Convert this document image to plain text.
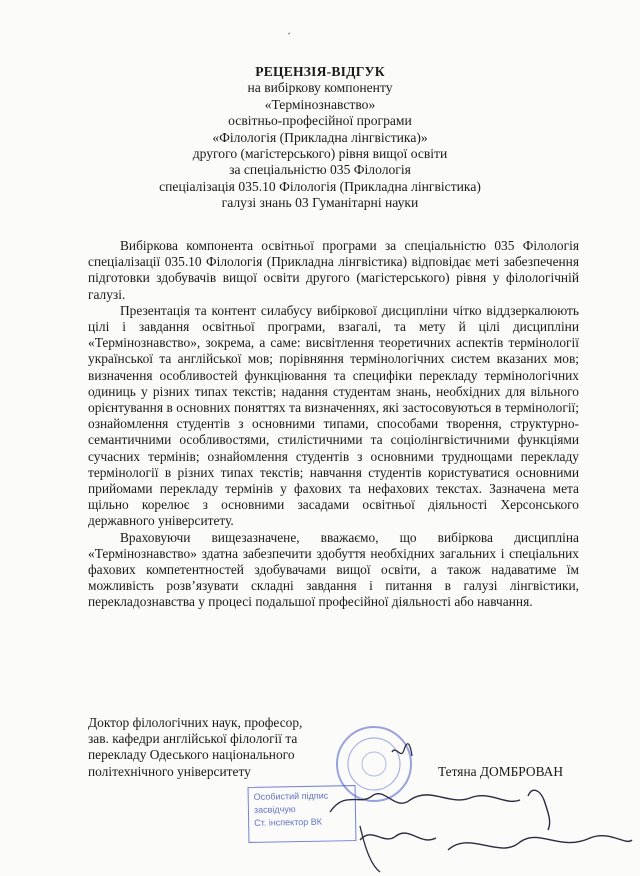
´
РЕЦЕНЗІЯ-ВІДГУК
на вибіркову компоненту
«Термінознавство»
освітньо-професійної програми
«Філологія (Прикладна лінгвістика)»
другого (магістерського) рівня вищої освіти
за спеціальністю 035 Філологія
спеціалізація 035.10 Філологія (Прикладна лінгвістика)
галузі знань 03 Гуманітарні науки

Вибіркова компонента освітньої програми за спеціальністю 035 Філологія спеціалізації 035.10 Філологія (Прикладна лінгвістика) відповідає меті забезпечення підготовки здобувачів вищої освіти другого (магістерського) рівня у філологічній галузі.

Презентація та контент силабусу вибіркової дисципліни чітко віддзеркалюють цілі і завдання освітньої програми, взагалі, та мету й цілі дисципліни «Термінознавство», зокрема, а саме: висвітлення теоретичних аспектів термінології української та англійської мов; порівняння термінологічних систем вказаних мов; визначення особливостей функціювання та специфіки перекладу термінологічних одиниць у різних типах текстів; надання студентам знань, необхідних для вільного орієнтування в основних поняттях та визначеннях, які застосовуються в термінології; ознайомлення студентів з основними типами, способами творення, структурно-семантичними особливостями, стилістичними та соціолінгвістичними функціями сучасних термінів; ознайомлення студентів з основними труднощами перекладу термінології в різних типах текстів; навчання студентів користуватися основними прийомами перекладу термінів у фахових та нефахових текстах. Зазначена мета щільно корелює з основними засадами освітньої діяльності Херсонського державного університету.

Враховуючи вищезазначене, вважаємо, що вибіркова дисципліна «Термінознавство» здатна забезпечити здобуття необхідних загальних і спеціальних фахових компетентностей здобувачами вищої освіти, а також надаватиме їм можливість розв’язувати складні завдання і питання в галузі лінгвістики, перекладознавства у процесі подальшої професійної діяльності або навчання.

Доктор філологічних наук, професор,
зав. кафедри англійської філології та
перекладу Одеського національного
політехнічного університету	Тетяна ДОМБРОВАН
Особистий підпис
засвідчую
Ст. інспектор ВК
